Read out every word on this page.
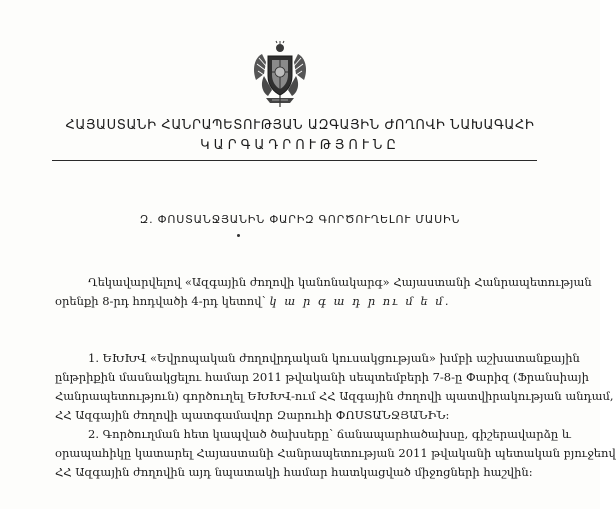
ՀԱՅԱՍՏԱՆԻ ՀԱՆՐԱՊԵՏՈՒԹՅԱՆ ԱԶԳԱՅԻՆ ԺՈՂՈՎԻ ՆԱԽԱԳԱՀԻ
ԿԱՐԳԱԴՐՈՒԹՅՈՒՆԸ
Զ. ՓՈՍՏԱՆՋՅԱՆԻՆ ՓԱՐԻԶ ԳՈՐԾՈՒՂԵԼՈՒ ՄԱՍԻՆ
Ղեկավարվելով «Ազգային ժողովի կանոնակարգ» Հայաստանի Հանրապետության
օրենքի 8-րդ հոդվածի 4-րդ կետով՝ կ ա ր գ ա դ ր ու մ ե մ.
1. ԵԽԽՎ «Եվրոպական ժողովրդական կուսակցության» խմբի աշխատանքային
ընթրիքին մասնակցելու համար 2011 թվականի սեպտեմբերի 7-8-ը Փարիզ (Ֆրանսիայի
Հանրապետություն) գործուղել ԵԽԽՎ-ում ՀՀ Ազգային ժողովի պատվիրակության անդամ,
ՀՀ Ազգային ժողովի պատգամավոր Զարուհի ՓՈՍՏԱՆՋՅԱՆԻՆ:
2. Գործուղման հետ կապված ծախսերը՝ ճանապարհածախսը, գիշերավարձը և
օրապահիկը կատարել Հայաստանի Հանրապետության 2011 թվականի պետական բյուջեով
ՀՀ Ազգային ժողովին այդ նպատակի համար հատկացված միջոցների հաշվին:
